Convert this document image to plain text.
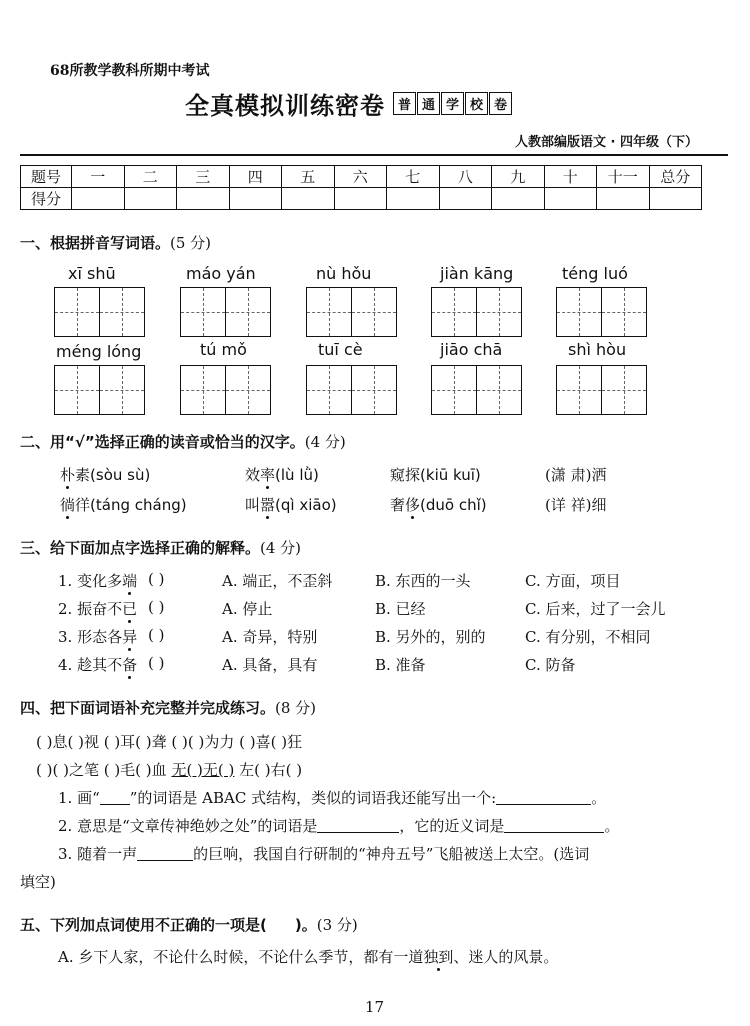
68所教学教科所期中考试
全真模拟训练密卷 普 通 学 校 卷
人教部编版语文 · 四年级（下）
题号	一	二	三	四	五	六	七	八	九	十	十一	总分
得分												
一、根据拼音写词语。(5 分)
xī shū	máo yán	nù hǒu	jiàn kāng	téng luó
méng lóng	tú mǒ	tuī cè	jiāo chā	shì hòu
二、用“√”选择正确的读音或恰当的汉字。(4 分)
朴素(sòu sù)	效率(lù lǜ)	窥探(kiū kuī)	(潇 肃)洒
徜徉(táng cháng)	叫嚣(qì xiāo)	奢侈(duō chǐ)	(详 祥)细
三、给下面加点字选择正确的解释。(4 分)
1. 变化多端 ( )	A. 端正，不歪斜	B. 东西的一头	C. 方面，项目
2. 振奋不已 ( )	A. 停止	B. 已经	C. 后来，过了一会儿
3. 形态各异 ( )	A. 奇异，特别	B. 另外的，别的	C. 有分别，不相同
4. 趁其不备 ( )	A. 具备，具有	B. 准备	C. 防备
四、把下面词语补充完整并完成练习。(8 分)
( )息( )视 ( )耳( )聋 ( )( )为力 ( )喜( )狂
( )( )之笔 ( )毛( )血 无( )无( ) 左( )右( )
1. 画“ ”的词语是 ABAC 式结构，类似的词语我还能写出一个:	。
2. 意思是“文章传神绝妙之处”的词语是	，它的近义词是	。
3. 随着一声	的巨响，我国自行研制的“神舟五号”飞船被送上太空。(选词
填空)
五、下列加点词使用不正确的一项是( )。(3 分)
A. 乡下人家，不论什么时候，不论什么季节，都有一道独到、迷人的风景。
17
